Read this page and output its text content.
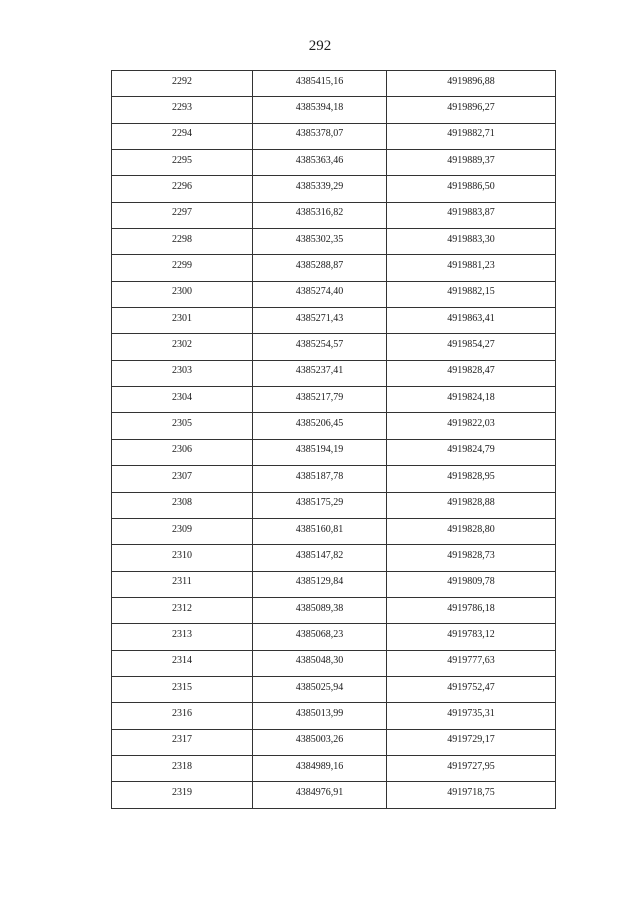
292
2292	4385415,16	4919896,88
2293	4385394,18	4919896,27
2294	4385378,07	4919882,71
2295	4385363,46	4919889,37
2296	4385339,29	4919886,50
2297	4385316,82	4919883,87
2298	4385302,35	4919883,30
2299	4385288,87	4919881,23
2300	4385274,40	4919882,15
2301	4385271,43	4919863,41
2302	4385254,57	4919854,27
2303	4385237,41	4919828,47
2304	4385217,79	4919824,18
2305	4385206,45	4919822,03
2306	4385194,19	4919824,79
2307	4385187,78	4919828,95
2308	4385175,29	4919828,88
2309	4385160,81	4919828,80
2310	4385147,82	4919828,73
2311	4385129,84	4919809,78
2312	4385089,38	4919786,18
2313	4385068,23	4919783,12
2314	4385048,30	4919777,63
2315	4385025,94	4919752,47
2316	4385013,99	4919735,31
2317	4385003,26	4919729,17
2318	4384989,16	4919727,95
2319	4384976,91	4919718,75
